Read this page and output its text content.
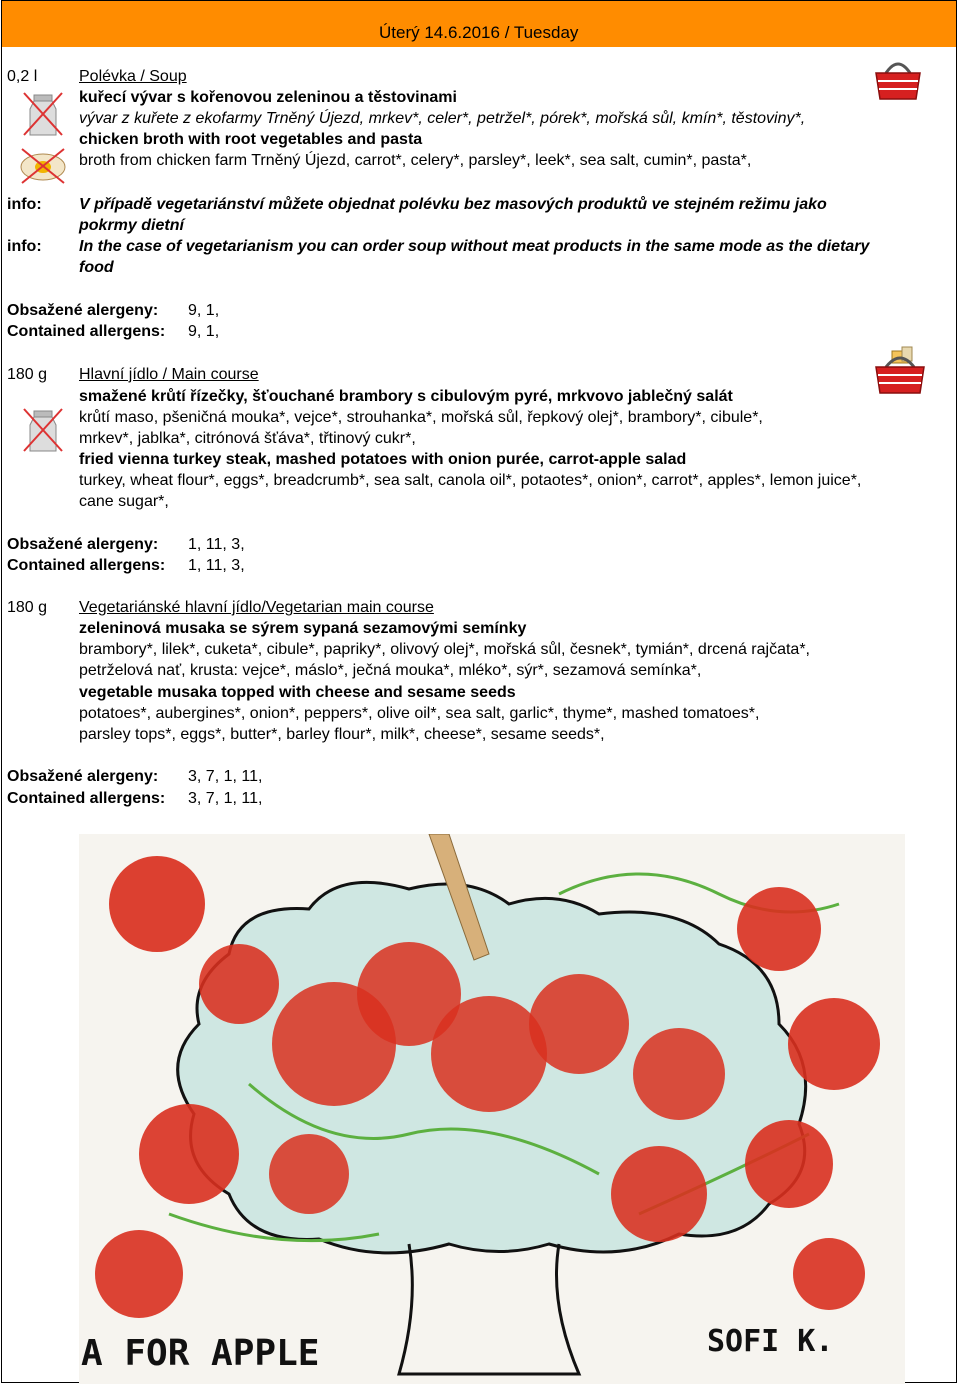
Úterý 14.6.2016 / Tuesday
0,2 l	Polévka / Soup
kuřecí vývar s kořenovou zeleninou a těstovinami
vývar z kuřete z ekofarmy Trněný Újezd, mrkev*, celer*, petržel*, pórek*, mořská sůl, kmín*, těstoviny*,
chicken broth with root vegetables and pasta
broth from chicken farm Trněný Újezd, carrot*, celery*, parsley*, leek*, sea salt, cumin*, pasta*,
info: V případě vegetariánství můžete objednat polévku bez masových produktů ve stejném režimu jako
pokrmy dietní
info: In the case of vegetarianism you can order soup without meat products in the same mode as the dietary
food
Obsažené alergeny: 9, 1,
Contained allergens: 9, 1,
180 g Hlavní jídlo / Main course
smažené krůtí řízečky, šťouchané brambory s cibulovým pyré, mrkvovo jablečný salát
krůtí maso, pšeničná mouka*, vejce*, strouhanka*, mořská sůl, řepkový olej*, brambory*, cibule*,
mrkev*, jablka*, citrónová šťáva*, třtinový cukr*,
fried vienna turkey steak, mashed potatoes with onion purée, carrot-apple salad
turkey, wheat flour*, eggs*, breadcrumb*, sea salt, canola oil*, potaotes*, onion*, carrot*, apples*, lemon juice*,
cane sugar*,
Obsažené alergeny: 1, 11, 3,
Contained allergens: 1, 11, 3,
180 g Vegetariánské hlavní jídlo/Vegetarian main course
zeleninová musaka se sýrem sypaná sezamovými semínky
brambory*, lilek*, cuketa*, cibule*, papriky*, olivový olej*, mořská sůl, česnek*, tymián*, drcená rajčata*,
petrželová nať, krusta: vejce*, máslo*, ječná mouka*, mléko*, sýr*, sezamová semínka*,
vegetable musaka topped with cheese and sesame seeds
potatoes*, aubergines*, onion*, peppers*, olive oil*, sea salt, garlic*, thyme*, mashed tomatoes*,
parsley tops*, eggs*, butter*, barley flour*, milk*, cheese*, sesame seeds*,
Obsažené alergeny: 3, 7, 1, 11,
Contained allergens: 3, 7, 1, 11,
A FOR APPLE	SOFI K.
